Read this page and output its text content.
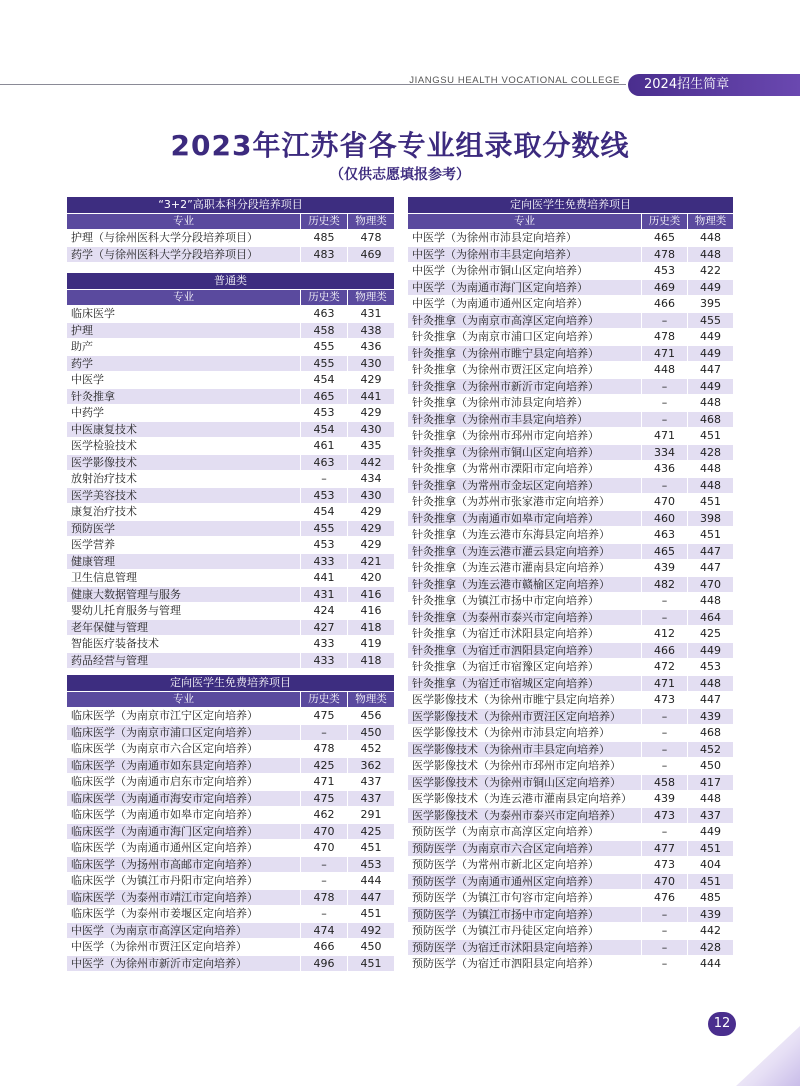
JIANGSU HEALTH VOCATIONAL COLLEGE	2024招生简章
2023年江苏省各专业组录取分数线
（仅供志愿填报参考）
“3+2”高职本科分段培养项目		
专业	历史类	物理类
护理（与徐州医科大学分段培养项目）	485	478
药学（与徐州医科大学分段培养项目）	483	469
普通类		
专业	历史类	物理类
临床医学	463	431
护理	458	438
助产	455	436
药学	455	430
中医学	454	429
针灸推拿	465	441
中药学	453	429
中医康复技术	454	430
医学检验技术	461	435
医学影像技术	463	442
放射治疗技术	–	434
医学美容技术	453	430
康复治疗技术	454	429
预防医学	455	429
医学营养	453	429
健康管理	433	421
卫生信息管理	441	420
健康大数据管理与服务	431	416
婴幼儿托育服务与管理	424	416
老年保健与管理	427	418
智能医疗装备技术	433	419
药品经营与管理	433	418
定向医学生免费培养项目		
专业	历史类	物理类
临床医学（为南京市江宁区定向培养）	475	456
临床医学（为南京市浦口区定向培养）	–	450
临床医学（为南京市六合区定向培养）	478	452
临床医学（为南通市如东县定向培养）	425	362
临床医学（为南通市启东市定向培养）	471	437
临床医学（为南通市海安市定向培养）	475	437
临床医学（为南通市如皋市定向培养）	462	291
临床医学（为南通市海门区定向培养）	470	425
临床医学（为南通市通州区定向培养）	470	451
临床医学（为扬州市高邮市定向培养）	–	453
临床医学（为镇江市丹阳市定向培养）	–	444
临床医学（为泰州市靖江市定向培养）	478	447
临床医学（为泰州市姜堰区定向培养）	–	451
中医学（为南京市高淳区定向培养）	474	492
中医学（为徐州市贾汪区定向培养）	466	450
中医学（为徐州市新沂市定向培养）	496	451
定向医学生免费培养项目		
专业	历史类	物理类
中医学（为徐州市沛县定向培养）	465	448
中医学（为徐州市丰县定向培养）	478	448
中医学（为徐州市铜山区定向培养）	453	422
中医学（为南通市海门区定向培养）	469	449
中医学（为南通市通州区定向培养）	466	395
针灸推拿（为南京市高淳区定向培养）	–	455
针灸推拿（为南京市浦口区定向培养）	478	449
针灸推拿（为徐州市睢宁县定向培养）	471	449
针灸推拿（为徐州市贾汪区定向培养）	448	447
针灸推拿（为徐州市新沂市定向培养）	–	449
针灸推拿（为徐州市沛县定向培养）	–	448
针灸推拿（为徐州市丰县定向培养）	–	468
针灸推拿（为徐州市邳州市定向培养）	471	451
针灸推拿（为徐州市铜山区定向培养）	334	428
针灸推拿（为常州市溧阳市定向培养）	436	448
针灸推拿（为常州市金坛区定向培养）	–	448
针灸推拿（为苏州市张家港市定向培养）	470	451
针灸推拿（为南通市如皋市定向培养）	460	398
针灸推拿（为连云港市东海县定向培养）	463	451
针灸推拿（为连云港市灌云县定向培养）	465	447
针灸推拿（为连云港市灌南县定向培养）	439	447
针灸推拿（为连云港市赣榆区定向培养）	482	470
针灸推拿（为镇江市扬中市定向培养）	–	448
针灸推拿（为泰州市泰兴市定向培养）	–	464
针灸推拿（为宿迁市沭阳县定向培养）	412	425
针灸推拿（为宿迁市泗阳县定向培养）	466	449
针灸推拿（为宿迁市宿豫区定向培养）	472	453
针灸推拿（为宿迁市宿城区定向培养）	471	448
医学影像技术（为徐州市睢宁县定向培养）	473	447
医学影像技术（为徐州市贾汪区定向培养）	–	439
医学影像技术（为徐州市沛县定向培养）	–	468
医学影像技术（为徐州市丰县定向培养）	–	452
医学影像技术（为徐州市邳州市定向培养）	–	450
医学影像技术（为徐州市铜山区定向培养）	458	417
医学影像技术（为连云港市灌南县定向培养）	439	448
医学影像技术（为泰州市泰兴市定向培养）	473	437
预防医学（为南京市高淳区定向培养）	–	449
预防医学（为南京市六合区定向培养）	477	451
预防医学（为常州市新北区定向培养）	473	404
预防医学（为南通市通州区定向培养）	470	451
预防医学（为镇江市句容市定向培养）	476	485
预防医学（为镇江市扬中市定向培养）	–	439
预防医学（为镇江市丹徒区定向培养）	–	442
预防医学（为宿迁市沭阳县定向培养）	–	428
预防医学（为宿迁市泗阳县定向培养）	–	444
12
